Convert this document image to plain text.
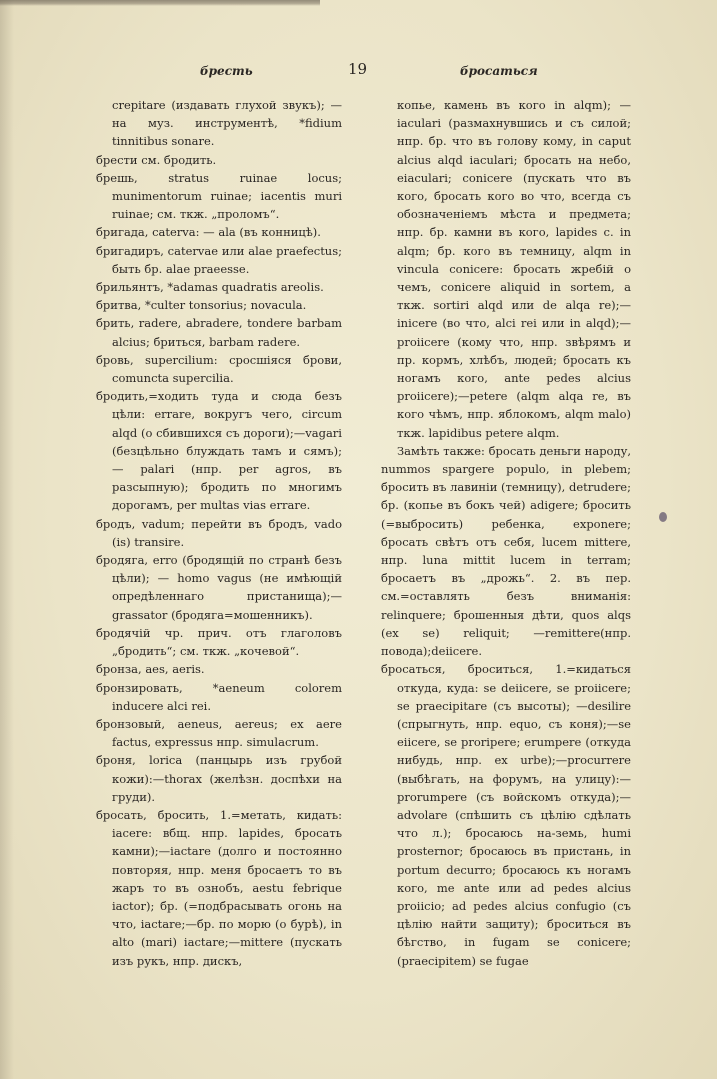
бресть	19	бросаться

crepitare (издавать глухой звукъ); —на муз. инструментѣ, *fidium tinnitibus sonare.

брести см. бродить.

брешь, stratus ruinae locus; munimentorum ruinae; iacentis muri ruinae; см. ткж. „проломъ“.

бригада, caterva: — ala (въ конницѣ).

бригадиръ, catervae или alae praefectus; быть бр. alae praeesse.

брильянтъ, *adamas quadratis areolis.

бритва, *culter tonsorius; novacula.

брить, radere, abradere, tondere barbam alcius; бриться, barbam radere.

бровь, supercilium: сросшіяся брови, comuncta supercilia.

бродить,=ходить туда и сюда безъ цѣли: errare, вокругъ чего, circum alqd (о сбившихся съ дороги);—vagari (безцѣльно блуждать тамъ и сямъ); — palari (нпр. per agros, въ разсыпную); бродить по многимъ дорогамъ, per multas vias errare.

бродъ, vadum; перейти въ бродъ, vado (is) transire.

бродяга, erro (бродящій по странѣ безъ цѣли); — homo vagus (не имѣющій опредѣленнаго пристанища);—grassator (бродяга=мошенникъ).

бродячій чр. прич. отъ глаголовъ „бродить“; см. ткж. „кочевой“.

бронза, aes, aeris.

бронзировать, *aeneum colorem inducere alci rei.

бронзовый, aeneus, aereus; ex aere factus, expressus нпр. simulacrum.

броня, lorica (панцырь изъ грубой кожи):—thorax (желѣзн. доспѣхи на груди).

бросать, бросить, 1.=метать, кидать: iacere: вбщ. нпр. lapides, бросать камни);—iactare (долго и постоянно повторяя, нпр. меня бросаетъ то въ жаръ то въ ознобъ, aestu febrique iactor); бр. (=подбрасывать огонь на что, iactare;—бр. по морю (о бурѣ), in alto (mari) iactare;—mittere (пускать изъ рукъ, нпр. дискъ,

копье, камень въ кого in alqm); —iaculari (размахнувшись и съ силой; нпр. бр. что въ голову кому, in caput alcius alqd iaculari; бросать на небо, eiaculari; conicere (пускать что въ кого, бросать кого во что, всегда съ обозначеніемъ мѣста и предмета; нпр. бр. камни въ кого, lapides c. in alqm; бр. кого въ темницу, alqm in vincula conicere: бросать жребій о чемъ, conicere aliquid in sortem, а ткж. sortiri alqd или de alqa re);—inicere (во что, alci rei или in alqd);—proiicere (кому что, нпр. звѣрямъ и пр. кормъ, хлѣбъ, людей; бросать къ ногамъ кого, ante pedes alcius proiicere);—petere (alqm alqa re, въ кого чѣмъ, нпр. яблокомъ, alqm malo) ткж. lapidibus petere alqm.

Замѣть также: бросать деньги народу, nummos spargere populo, in plebem; бросить въ лавиніи (темницу), detrudere; бр. (копье въ бокъ чей) adigere; бросить (=выбросить) ребенка, exponere; бросать свѣтъ отъ себя, lucem mittere, нпр. luna mittit lucem in terram; бросаетъ въ „дрожь“. 2. въ пер. см.=оставлять безъ вниманія: relinquere; брошенныя дѣти, quos alqs (ex se) reliquit; —remittere(нпр. повода);deiicere.

бросаться, броситься, 1.=кидаться откуда, куда: se deiicere, se proiicere; se praecipitare (съ высоты); —desilire (спрыгнуть, нпр. equo, съ коня);—se eiicere, se proripere; erumpere (откуда нибудь, нпр. ex urbe);—procurrere (выбѣгать, на форумъ, на улицу):—prorumpere (съ войскомъ откуда);—advolare (спѣшить съ цѣлію сдѣлать что л.); бросаюсь на-земь, humi prosternor; бросаюсь въ пристань, in portum decurro; бросаюсь къ ногамъ кого, me ante или ad pedes alcius proiicio; ad pedes alcius confugio (съ цѣлію найти защиту); броситься въ бѣгство, in fugam se conicere; (praecipitem) se fugae
